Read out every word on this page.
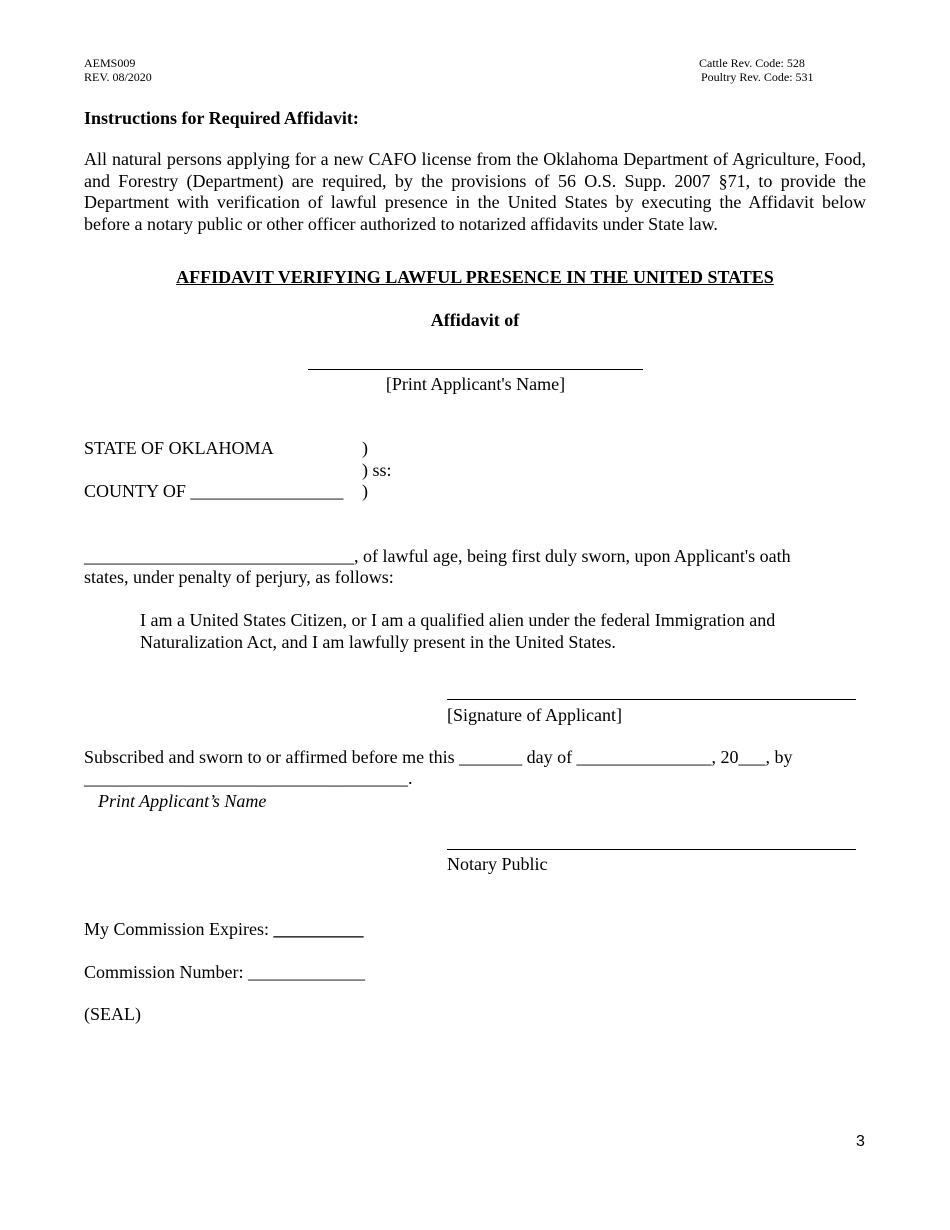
AEMS009
REV. 08/2020
Cattle Rev. Code: 528
Poultry Rev. Code: 531
Instructions for Required Affidavit:
All natural persons applying for a new CAFO license from the Oklahoma Department of Agriculture, Food, and Forestry (Department) are required, by the provisions of 56 O.S. Supp. 2007 §71, to provide the Department with verification of lawful presence in the United States by executing the Affidavit below before a notary public or other officer authorized to notarized affidavits under State law.
AFFIDAVIT VERIFYING LAWFUL PRESENCE IN THE UNITED STATES
Affidavit of
[Print Applicant's Name]
STATE OF OKLAHOMA
COUNTY OF _________________
)
) ss:
)
______________________________, of lawful age, being first duly sworn, upon Applicant's oath
states, under penalty of perjury, as follows:
I am a United States Citizen, or I am a qualified alien under the federal Immigration and Naturalization Act, and I am lawfully present in the United States.
[Signature of Applicant]
Subscribed and sworn to or affirmed before me this _______ day of _______________, 20___, by
____________________________________.
Print Applicant’s Name
Notary Public
My Commission Expires: __________
Commission Number: _____________
(SEAL)
3
